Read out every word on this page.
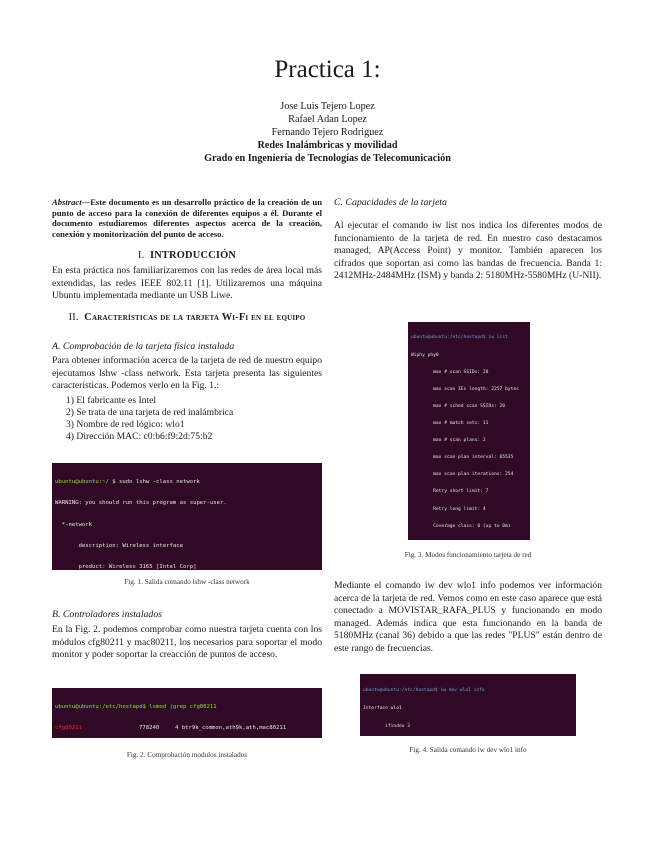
Practica 1:
Jose Luis Tejero Lopez
Rafael Adan Lopez
Fernando Tejero Rodriguez
Redes Inalámbricas y movilidad
Grado en Ingeniería de Tecnologías de Telecomunicación
Abstract—Este documento es un desarrollo práctico de la creación de un punto de acceso para la conexión de diferentes equipos a él. Durante el documento estudiaremos diferentes aspectos acerca de la creación, conexión y monitorización del punto de acceso.
I. INTRODUCCIÓN
En esta práctica nos familiarizaremos con las redes de área local más extendidas, las redes IEEE 802.11 [1]. Utilizaremos una máquina Ubuntu implementada mediante un USB Liwe.
II. Características de la tarjeta Wi-Fi en el equipo
A. Comprobación de la tarjeta física instalada
Para obtener información acerca de la tarjeta de red de nuestro equipo ejecutamos lshw -class network. Esta tarjeta presenta las siguientes características. Podemos verlo en la Fig. 1.:
1) El fabricante es Intel
2) Se trata de una tarjeta de red inalámbrica
3) Nombre de red lógico: wlo1
4) Dirección MAC: c0:b6:f9:2d:75:b2

ubuntu@ubuntu:~/ $ sudo lshw -class network

WARNING: you should run this program as super-user.

*-network

description: Wireless interface

product: Wireless 3165 [Intel Corp]

Fig. 1. Salida comando lshw -class network
B. Controladores instalados
En la Fig. 2. podemos comprobar como nuestra tarjeta cuenta con los módulos cfg80211 y mac80211, los necesarios para soportar el modo monitor y poder soportar la creacción de puntos de acceso.

ubuntu@ubuntu:/etc/hostapd$ lsmod |grep cfg80211

cfg80211	778240	4 btr9k_common,ath9k,ath,mac80211

Fig. 2. Comprobación modulos instalados
C. Capacidades de la tarjeta
Al ejecutar el comando iw list nos indica los diferentes modos de funcionamiento de la tarjeta de red. En nuestro caso destacamos managed, AP(Access Point) y monitor. También aparecen los cifrados que soportan así como las bandas de frecuencia. Banda 1: 2412MHz-2484MHz (ISM) y banda 2: 5180MHz-5580MHz (U-NII).

ubuntu@ubuntu:/etc/hostapd$ iw list

Wiphy phy0

max # scan SSIDs: 20

max scan IEs length: 2257 bytes

max # sched scan SSIDs: 20

max # match sets: 11

max # scan plans: 2

max scan plan interval: 65535

max scan plan iterations: 254

Retry short limit: 7

Retry long limit: 4

Coverage class: 0 (up to 0m)

Fig. 3. Modos funcionamiento tarjeta de red
Mediante el comando iw dev wlo1 info podemos ver información acerca de la tarjeta de red. Vemos como en este caso aparece que está conectado a MOVISTAR_RAFA_PLUS y funcionando en modo managed. Además indica que esta funcionando en la banda de 5180MHz (canal 36) debido a que las redes "PLUS" están dentro de este rango de frecuencias.

ubuntu@ubuntu:/etc/hostapd$ iw dev wlo1 info

Interface wlo1

ifindex 3

Fig. 4. Salida comando iw dev wlo1 info
